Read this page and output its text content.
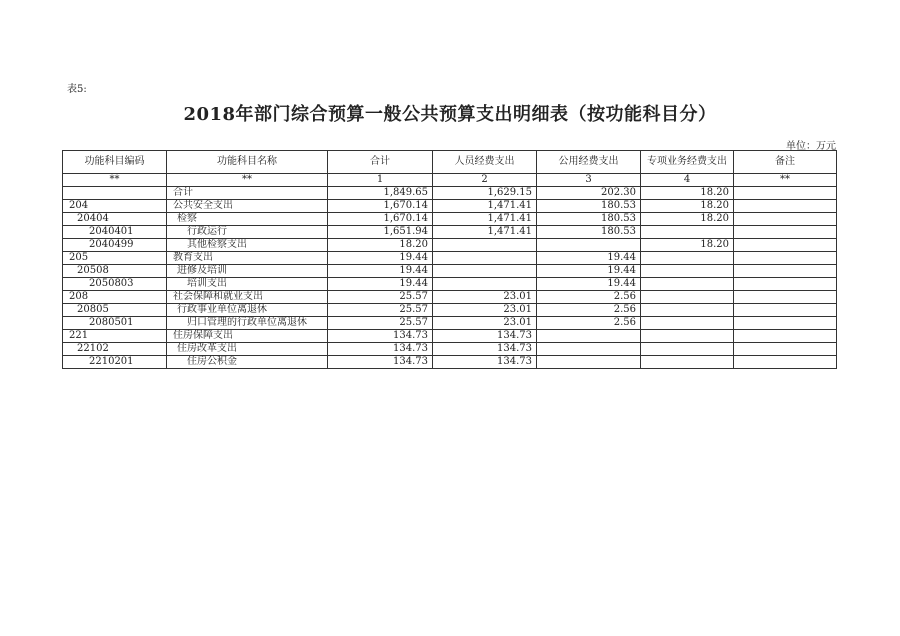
表5:
2018年部门综合预算一般公共预算支出明细表（按功能科目分）
单位：万元
功能科目编码	功能科目名称	合计	人员经费支出	公用经费支出	专项业务经费支出	备注
**	**	1	2	3	4	**
	合计	1,849.65	1,629.15	202.30	18.20	
204	公共安全支出	1,670.14	1,471.41	180.53	18.20	
20404	检察	1,670.14	1,471.41	180.53	18.20	
2040401	行政运行	1,651.94	1,471.41	180.53		
2040499	其他检察支出	18.20			18.20	
205	教育支出	19.44		19.44		
20508	进修及培训	19.44		19.44		
2050803	培训支出	19.44		19.44		
208	社会保障和就业支出	25.57	23.01	2.56		
20805	行政事业单位离退休	25.57	23.01	2.56		
2080501	归口管理的行政单位离退休	25.57	23.01	2.56		
221	住房保障支出	134.73	134.73			
22102	住房改革支出	134.73	134.73			
2210201	住房公积金	134.73	134.73			
